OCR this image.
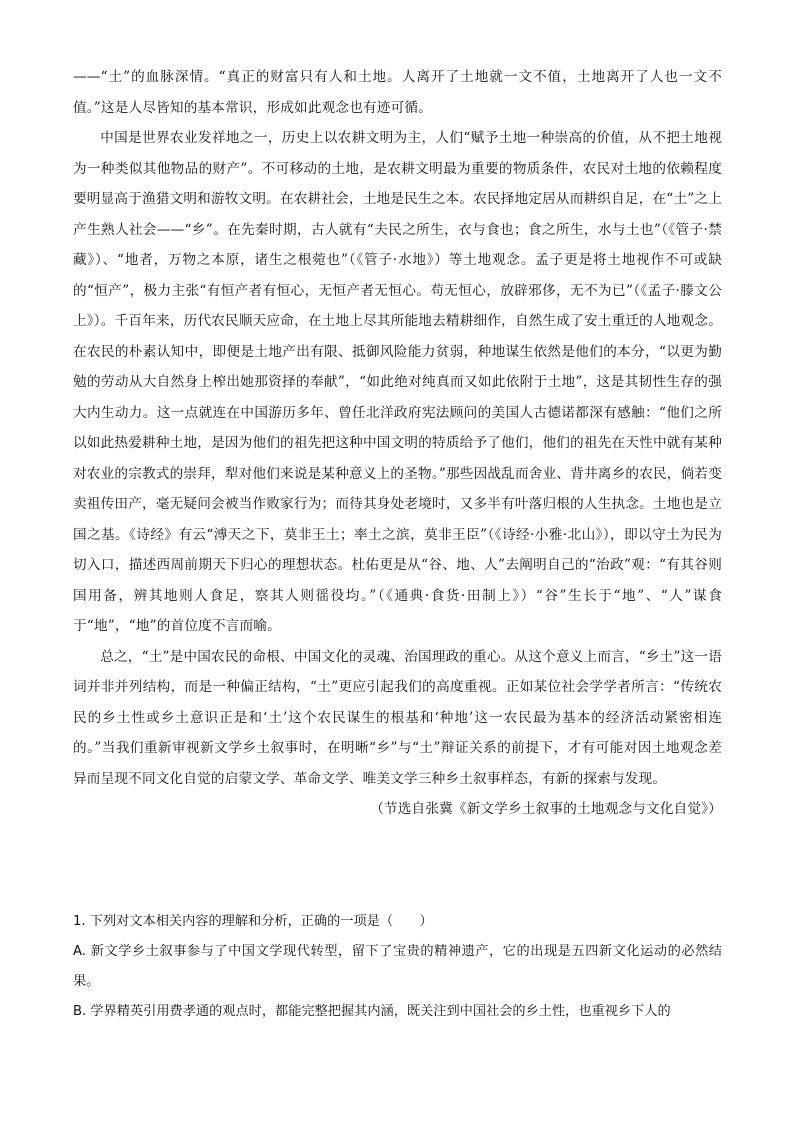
——“土”的血脉深情。“真正的财富只有人和土地。人离开了土地就一文不值，土地离开了人也一文不值。”这是人尽皆知的基本常识，形成如此观念也有迹可循。

中国是世界农业发祥地之一，历史上以农耕文明为主，人们“赋予土地一种崇高的价值，从不把土地视为一种类似其他物品的财产”。不可移动的土地，是农耕文明最为重要的物质条件，农民对土地的依赖程度要明显高于渔猎文明和游牧文明。在农耕社会，土地是民生之本。农民择地定居从而耕织自足，在“土”之上产生熟人社会——“乡”。在先秦时期，古人就有“夫民之所生，衣与食也；食之所生，水与土也”（《管子·禁藏》）、“地者，万物之本原，诸生之根菀也”（《管子·水地》）等土地观念。孟子更是将土地视作不可或缺的“恒产”，极力主张“有恒产者有恒心，无恒产者无恒心。苟无恒心，放辟邪侈，无不为已”（《孟子·滕文公上》）。千百年来，历代农民顺天应命，在土地上尽其所能地去精耕细作，自然生成了安土重迁的人地观念。在农民的朴素认知中，即便是土地产出有限、抵御风险能力贫弱，种地谋生依然是他们的本分，“以更为勤勉的劳动从大自然身上榨出她那资择的奉献”，“如此绝对纯真而又如此依附于土地”，这是其韧性生存的强大内生动力。这一点就连在中国游历多年、曾任北洋政府宪法顾问的美国人古德诺都深有感触：“他们之所以如此热爱耕种土地，是因为他们的祖先把这种中国文明的特质给予了他们，他们的祖先在天性中就有某种对农业的宗教式的崇拜，犁对他们来说是某种意义上的圣物。”那些因战乱而舍业、背井离乡的农民，倘若变卖祖传田产，毫无疑问会被当作败家行为；而待其身处老境时，又多半有叶落归根的人生执念。土地也是立国之基。《诗经》有云“溥天之下，莫非王土；率土之滨，莫非王臣”（《诗经·小雅·北山》），即以守土为民为切入口，描述西周前期天下归心的理想状态。杜佑更是从“谷、地、人”去阐明自己的“治政”观：“有其谷则国用备，辨其地则人食足，察其人则徭役均。”（《通典·食货·田制上》）“谷”生长于“地”、“人”谋食于“地”，“地”的首位度不言而喻。

总之，“土”是中国农民的命根、中国文化的灵魂、治国理政的重心。从这个意义上而言，“乡土”这一语词并非并列结构，而是一种偏正结构，“土”更应引起我们的高度重视。正如某位社会学学者所言：“传统农民的乡土性或乡土意识正是和‘土’这个农民谋生的根基和‘种地’这一农民最为基本的经济活动紧密相连的。”当我们重新审视新文学乡土叙事时，在明晰“乡”与“土”辩证关系的前提下，才有可能对因土地观念差异而呈现不同文化自觉的启蒙文学、革命文学、唯美文学三种乡土叙事样态，有新的探索与发现。

（节选自张冀《新文学乡土叙事的土地观念与文化自觉》）

1. 下列对文本相关内容的理解和分析，正确的一项是（　　）

A. 新文学乡土叙事参与了中国文学现代转型，留下了宝贵的精神遗产，它的出现是五四新文化运动的必然结果。

B. 学界精英引用费孝通的观点时，都能完整把握其内涵，既关注到中国社会的乡土性，也重视乡下人的
